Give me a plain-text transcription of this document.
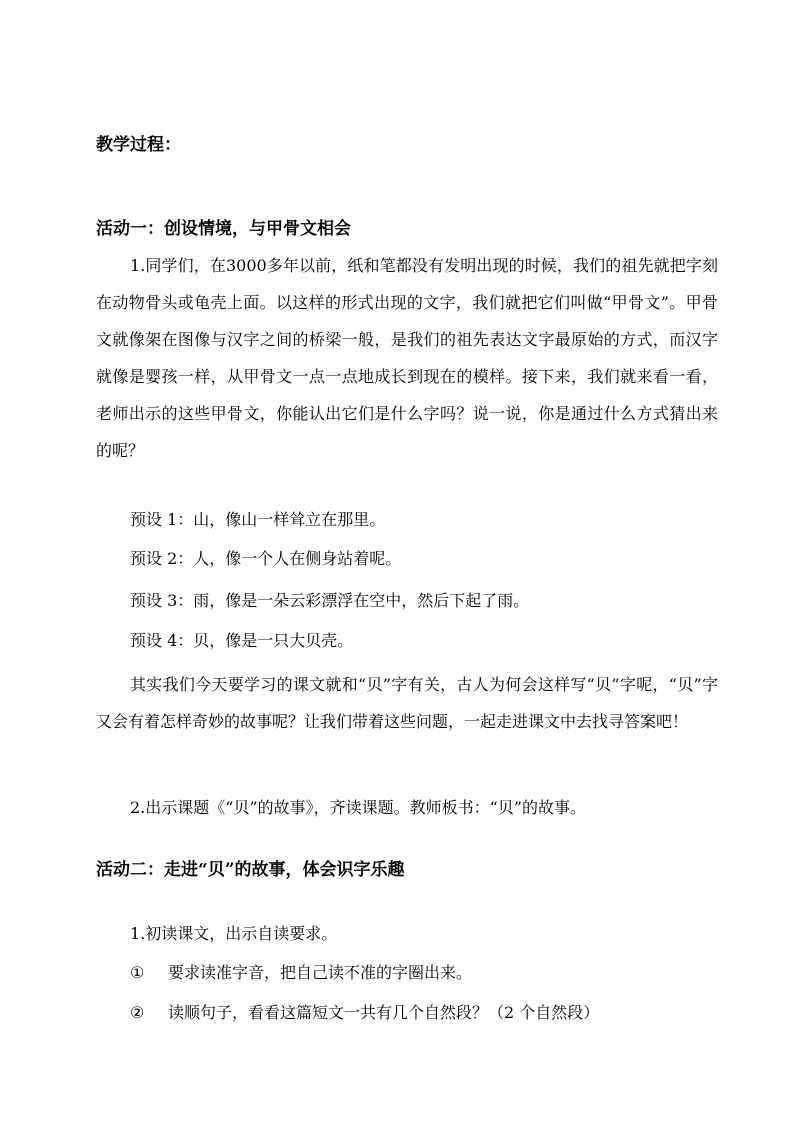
教学过程：
活动一：创设情境，与甲骨文相会
1.同学们，在3000多年以前，纸和笔都没有发明出现的时候，我们的祖先就把字刻在动物骨头或龟壳上面。以这样的形式出现的文字，我们就把它们叫做“甲骨文”。甲骨文就像架在图像与汉字之间的桥梁一般，是我们的祖先表达文字最原始的方式，而汉字就像是婴孩一样，从甲骨文一点一点地成长到现在的模样。接下来，我们就来看一看，老师出示的这些甲骨文，你能认出它们是什么字吗？说一说，你是通过什么方式猜出来的呢？
预设 1：山，像山一样耸立在那里。
预设 2：人，像一个人在侧身站着呢。
预设 3：雨，像是一朵云彩漂浮在空中，然后下起了雨。
预设 4：贝，像是一只大贝壳。
其实我们今天要学习的课文就和“贝”字有关，古人为何会这样写“贝”字呢，“贝”字又会有着怎样奇妙的故事呢？让我们带着这些问题，一起走进课文中去找寻答案吧！
2.出示课题《“贝”的故事》，齐读课题。教师板书：“贝”的故事。
活动二：走进“贝”的故事，体会识字乐趣
1.初读课文，出示自读要求。
① 要求读准字音，把自己读不准的字圈出来。
② 读顺句子，看看这篇短文一共有几个自然段？（2 个自然段）
